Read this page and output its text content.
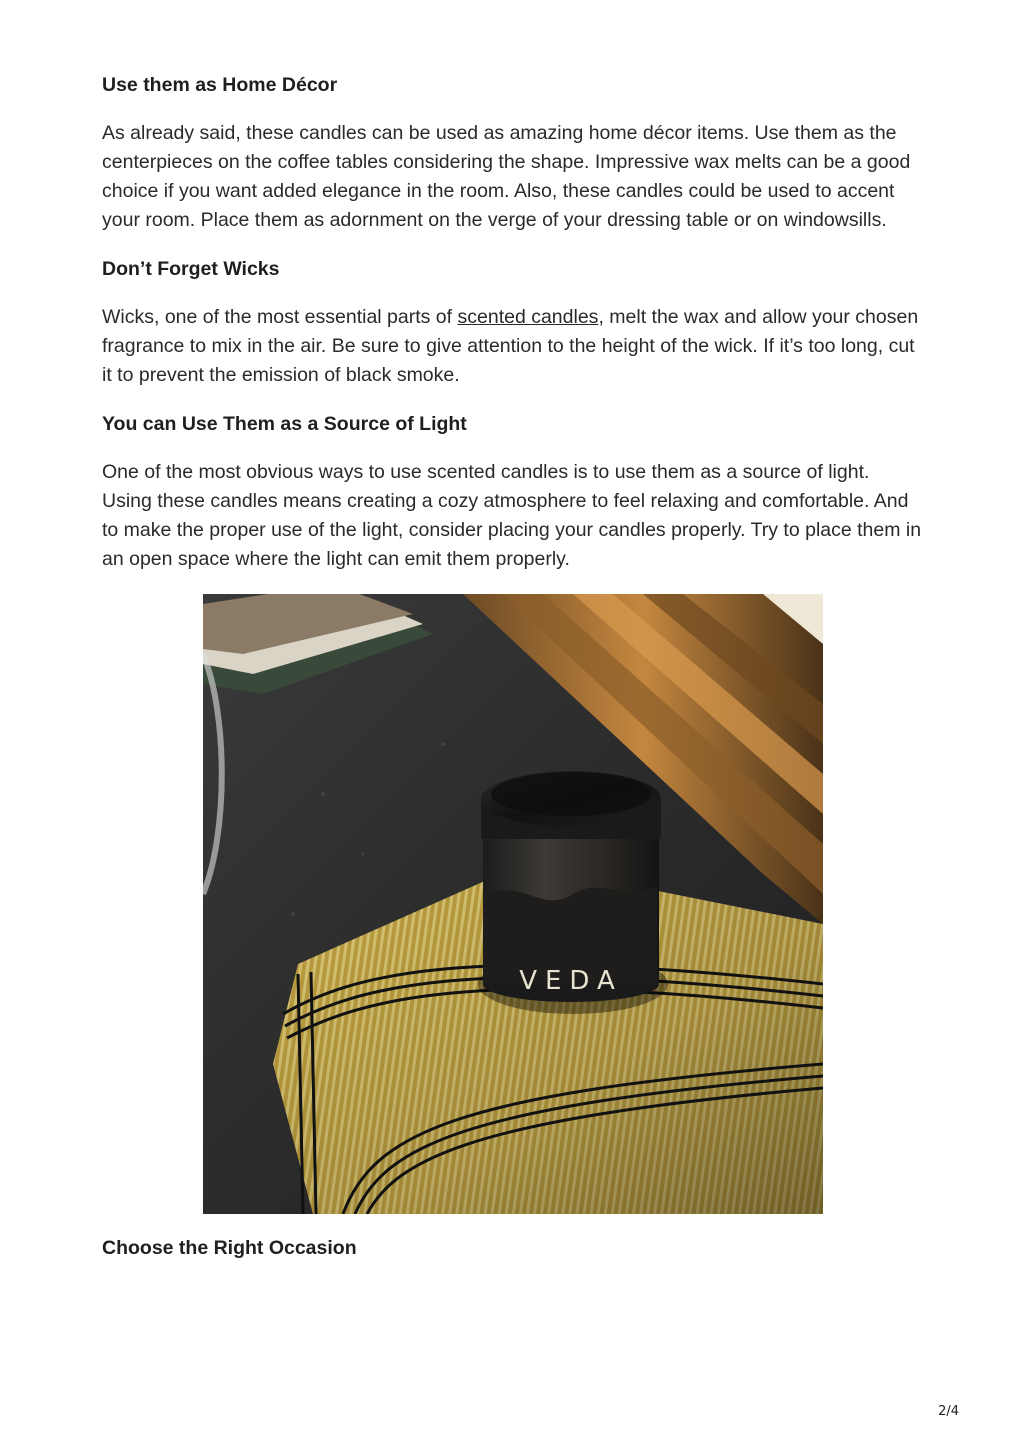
Use them as Home Décor

As already said, these candles can be used as amazing home décor items. Use them as the centerpieces on the coffee tables considering the shape. Impressive wax melts can be a good choice if you want added elegance in the room. Also, these candles could be used to accent your room. Place them as adornment on the verge of your dressing table or on windowsills.

Don’t Forget Wicks

Wicks, one of the most essential parts of scented candles, melt the wax and allow your chosen fragrance to mix in the air. Be sure to give attention to the height of the wick. If it’s too long, cut it to prevent the emission of black smoke.

You can Use Them as a Source of Light

One of the most obvious ways to use scented candles is to use them as a source of light. Using these candles means creating a cozy atmosphere to feel relaxing and comfortable. And to make the proper use of the light, consider placing your candles properly. Try to place them in an open space where the light can emit them properly.

VEDA
Choose the Right Occasion
2/4
